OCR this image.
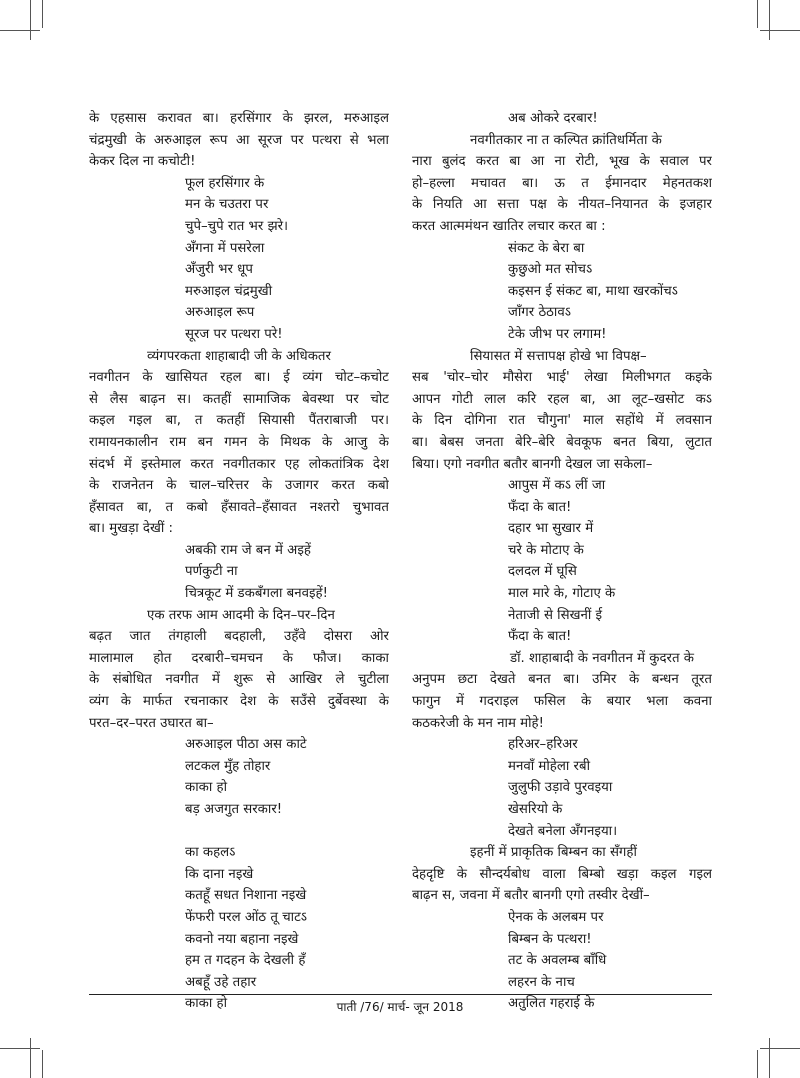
के एहसास करावत बा। हरसिंगार के झरल, मरुआइल
चंद्रमुखी के अरुआइल रूप आ सूरज पर पत्थरा से भला
केकर दिल ना कचोटी!
फूल हरसिंगार के
मन के चउतरा पर
चुपे–चुपे रात भर झरे।
अँगना में पसरेला
अँजुरी भर धूप
मरुआइल चंद्रमुखी
अरुआइल रूप
सूरज पर पत्थरा परे!
व्यंगपरकता शाहाबादी जी के अधिकतर
नवगीतन के खासियत रहल बा। ई व्यंग चोट–कचोट
से लैस बाढ़न स। कतहीं सामाजिक बेवस्था पर चोट
कइल गइल बा, त कतहीं सियासी पैंतराबाजी पर।
रामायनकालीन राम बन गमन के मिथक के आजु के
संदर्भ में इस्तेमाल करत नवगीतकार एह लोकतांत्रिक देश
के राजनेतन के चाल–चरित्तर के उजागर करत कबो
हँसावत बा, त कबो हँसावते–हँसावत नश्तरो चुभावत
बा। मुखड़ा देखीं :
अबकी राम जे बन में अइहें
पर्णकुटी ना
चित्रकूट में डकबँगला बनवइहें!
एक तरफ आम आदमी के दिन–पर–दिन
बढ़त जात तंगहाली बदहाली, उहँवे दोसरा ओर
मालामाल होत दरबारी–चमचन के फौज। काका
के संबोधित नवगीत में शुरू से आखिर ले चुटीला
व्यंग के मार्फत रचनाकार देश के सउँसे दुर्बेवस्था के
परत–दर–परत उघारत बा–
अरुआइल पीठा अस काटे
लटकल मुँह तोहार
काका हो
बड़ अजगुत सरकार!
का कहलऽ
कि दाना नइखे
कतहूँ सधत निशाना नइखे
फेंफरी परल ओंठ तू चाटऽ
कवनो नया बहाना नइखे
हम त गदहन के देखली हँ
अबहूँ उहे तहार
काका हो
अब ओकरे दरबार!
नवगीतकार ना त कल्पित क्रांतिधर्मिता के
नारा बुलंद करत बा आ ना रोटी, भूख के सवाल पर
हो–हल्ला मचावत बा। ऊ त ईमानदार मेहनतकश
के नियति आ सत्ता पक्ष के नीयत–नियानत के इजहार
करत आत्ममंथन खातिर लचार करत बा :
संकट के बेरा बा
कुछुओ मत सोचऽ
कइसन ई संकट बा, माथा खरकोंचऽ
जाँगर ठेठावऽ
टेके जीभ पर लगाम!
सियासत में सत्तापक्ष होखे भा विपक्ष–
सब 'चोर–चोर मौसेरा भाई' लेखा मिलीभगत कइके
आपन गोटी लाल करि रहल बा, आ लूट–खसोट कऽ
के दिन दोगिना रात चौगुना' माल सहोंथे में लवसान
बा। बेबस जनता बेरि–बेरि बेवकूफ बनत बिया, लुटात
बिया। एगो नवगीत बतौर बानगी देखल जा सकेला–
आपुस में कऽ लीं जा
फँदा के बात!
दहार भा सुखार में
चरे के मोटाए के
दलदल में घूसि
माल मारे के, गोटाए के
नेताजी से सिखनीं ई
फँदा के बात!
डॉ. शाहाबादी के नवगीतन में कुदरत के
अनुपम छटा देखते बनत बा। उमिर के बन्धन तूरत
फागुन में गदराइल फसिल के बयार भला कवना
कठकरेजी के मन नाम मोहे!
हरिअर–हरिअर
मनवाँ मोहेला रबी
जुलुफी उड़ावे पुरवइया
खेसरियो के
देखते बनेला अँगनइया।
इहनीं में प्राकृतिक बिम्बन का सँगहीं
देहदृष्टि के सौन्दर्यबोध वाला बिम्बो खड़ा कइल गइल
बाढ़न स, जवना में बतौर बानगी एगो तस्वीर देखीं–
ऐनक के अलबम पर
बिम्बन के पत्थरा!
तट के अवलम्ब बाँधि
लहरन के नाच
अतुलित गहराई के
पाती /76/ मार्च- जून 2018
